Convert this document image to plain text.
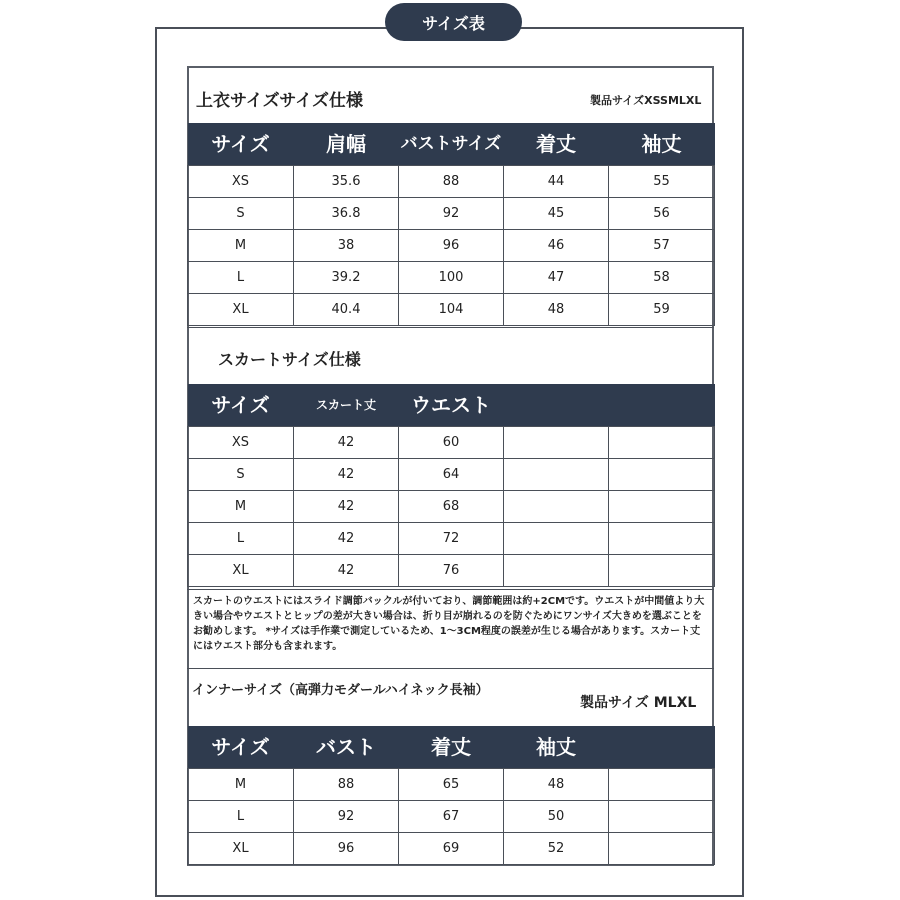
サイズ表
上衣サイズサイズ仕様	製品サイズXSSMLXL
サイズ	肩幅	バストサイズ	着丈	袖丈
XS	35.6	88	44	55
S	36.8	92	45	56
M	38	96	46	57
L	39.2	100	47	58
XL	40.4	104	48	59
スカートサイズ仕様
サイズ	スカート丈	ウエスト		
XS	42	60		
S	42	64		
M	42	68		
L	42	72		
XL	42	76		
スカートのウエストにはスライド調節バックルが付いており、調節範囲は約+2CMです。ウエストが中間値より大きい場合やウエストとヒップの差が大きい場合は、折り目が崩れるのを防ぐためにワンサイズ大きめを選ぶことをお勧めします。 *サイズは手作業で測定しているため、1～3CM程度の誤差が生じる場合があります。スカート丈にはウエスト部分も含まれます。
インナーサイズ（高弾力モダールハイネック長袖）
製品サイズ MLXL
サイズ	バスト	着丈	袖丈	
M	88	65	48	
L	92	67	50	
XL	96	69	52	
